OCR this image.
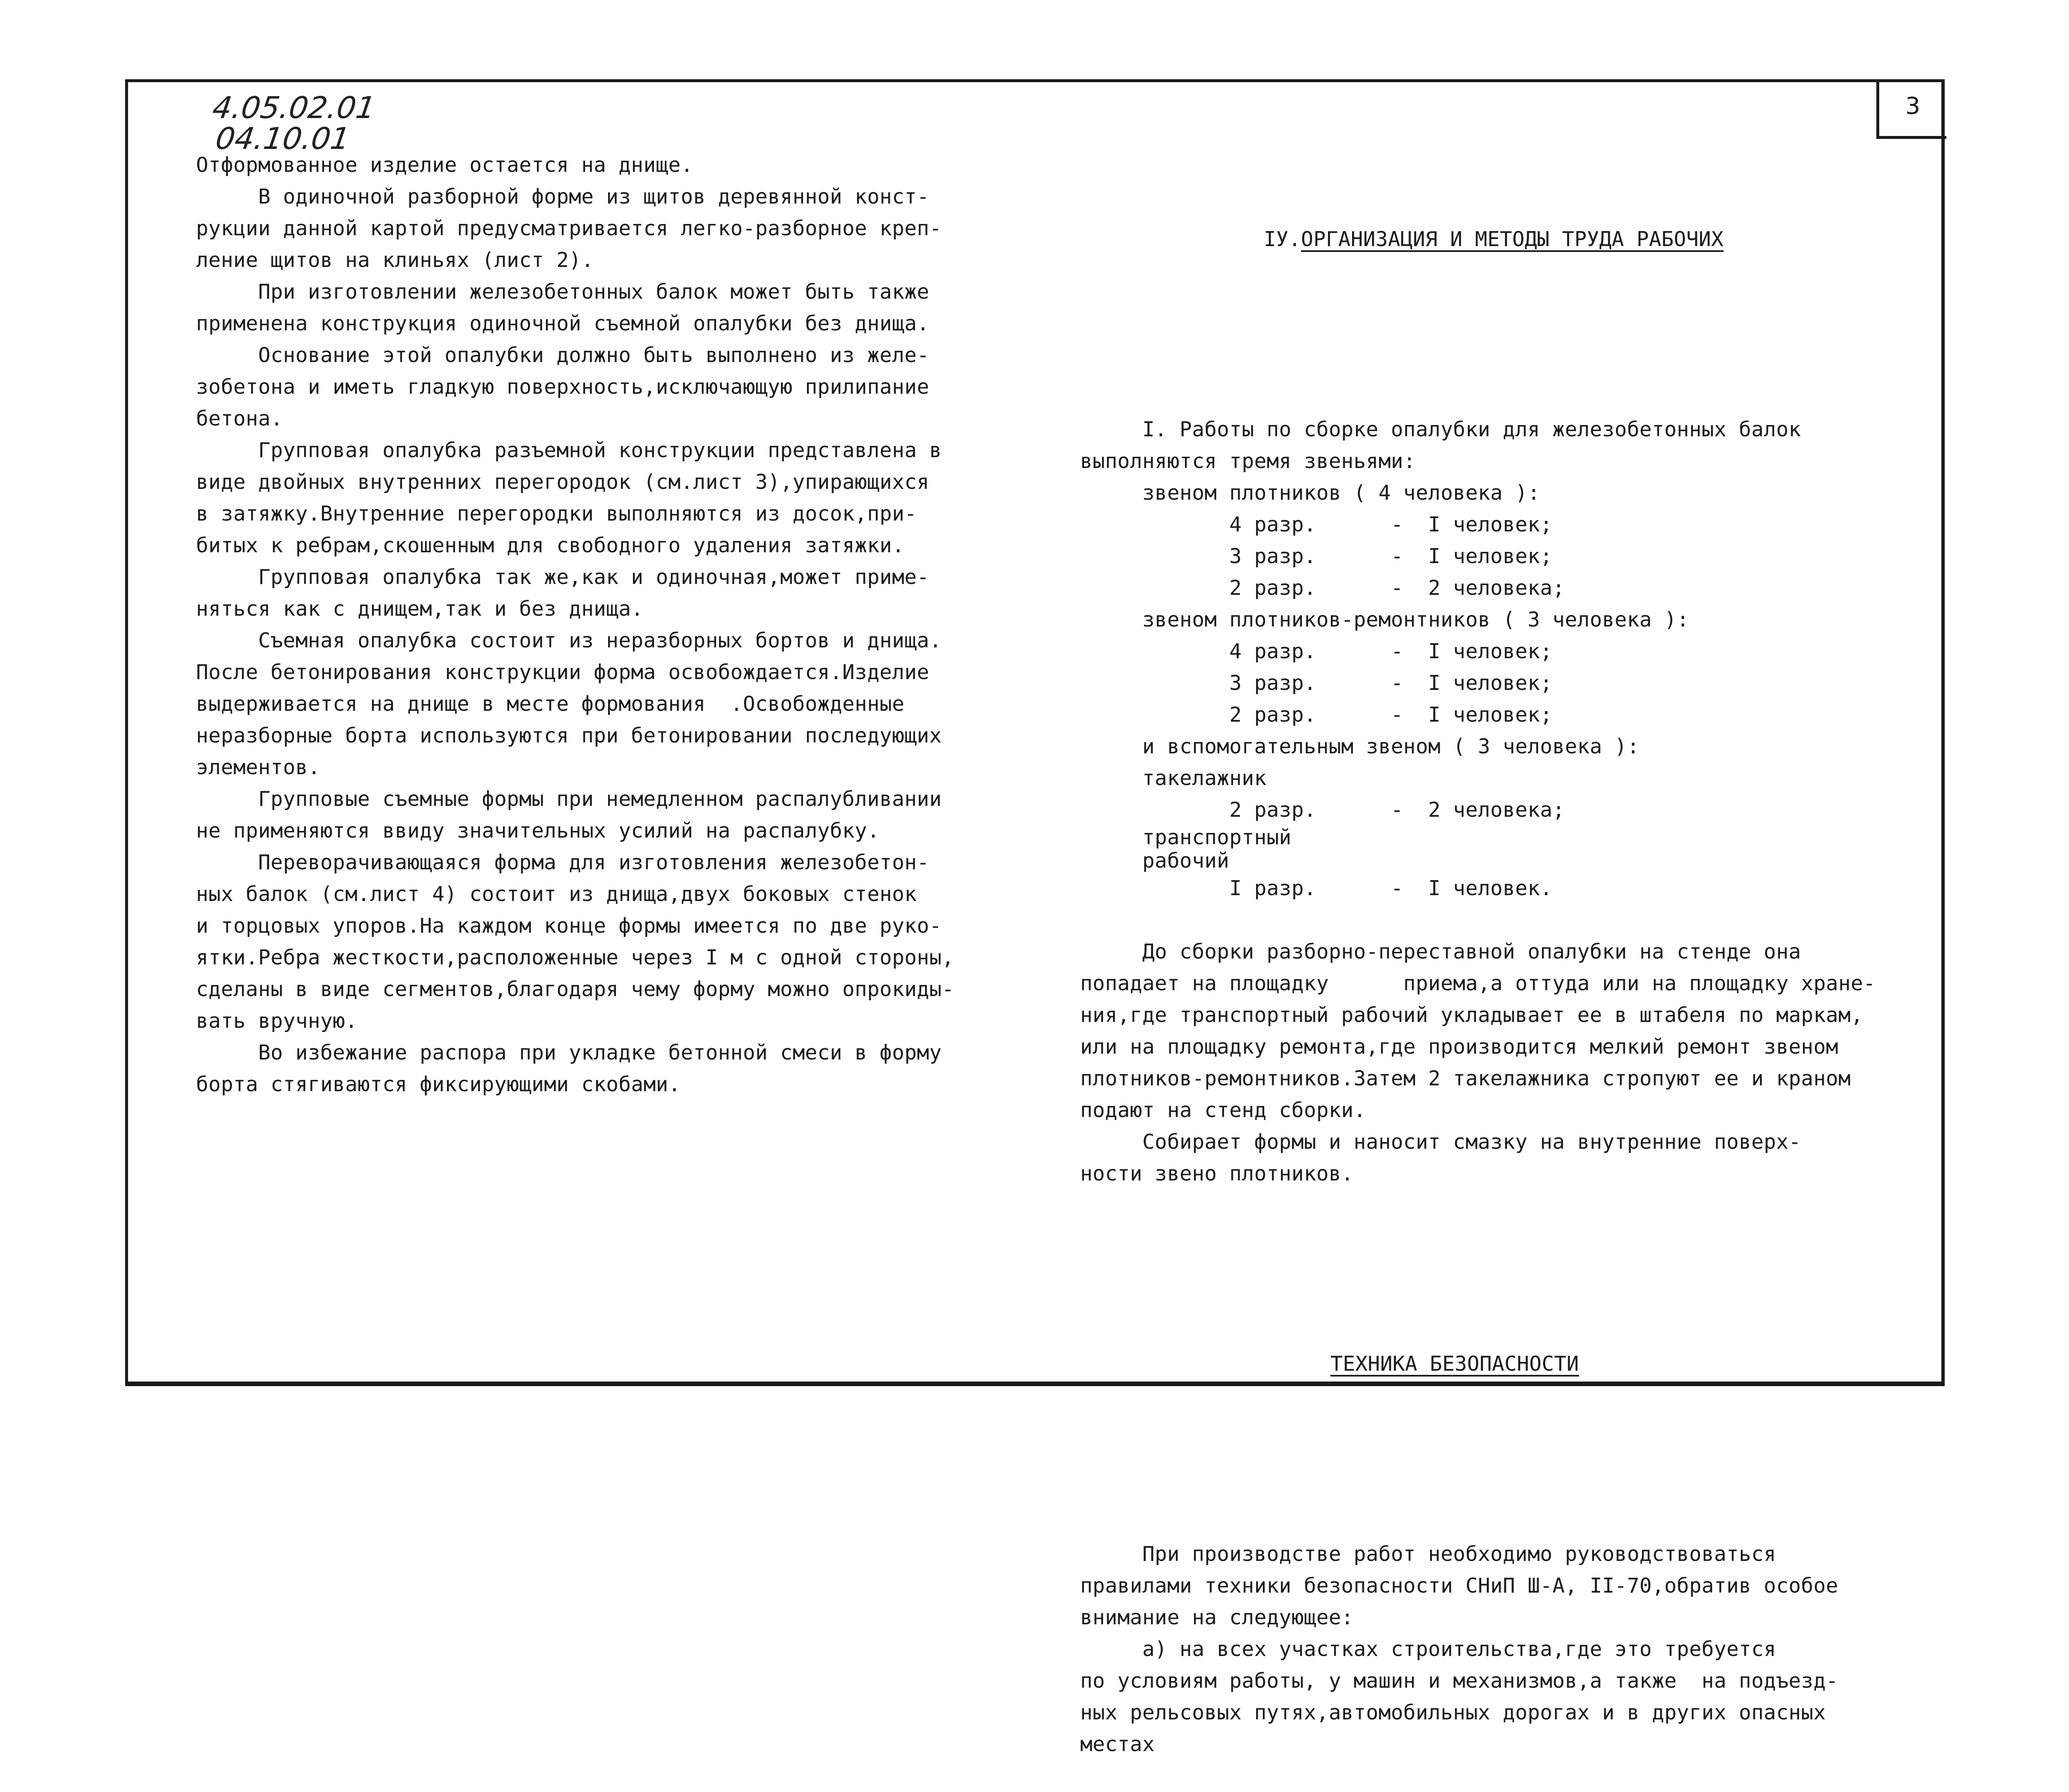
3
4.05.02.01
04.10.01
Отформованное изделие остается на днище.
В одиночной разборной форме из щитов деревянной конст-
рукции данной картой предусматривается легко-разборное креп-
ление щитов на клиньях (лист 2).
При изготовлении железобетонных балок может быть также
применена конструкция одиночной съемной опалубки без днища.
Основание этой опалубки должно быть выполнено из желе-
зобетона и иметь гладкую поверхность,исключающую прилипание
бетона.
Групповая опалубка разъемной конструкции представлена в
виде двойных внутренних перегородок (см.лист 3),упирающихся
в затяжку.Внутренние перегородки выполняются из досок,при-
битых к ребрам,скошенным для свободного удаления затяжки.
Групповая опалубка так же,как и одиночная,может приме-
няться как с днищем,так и без днища.
Съемная опалубка состоит из неразборных бортов и днища.
После бетонирования конструкции форма освобождается.Изделие
выдерживается на днище в месте формования  .Освобожденные
неразборные борта используются при бетонировании последующих
элементов.
Групповые съемные формы при немедленном распалубливании
не применяются ввиду значительных усилий на распалубку.
Переворачивающаяся форма для изготовления железобетон-
ных балок (см.лист 4) состоит из днища,двух боковых стенок
и торцовых упоров.На каждом конце формы имеется по две руко-
ятки.Ребра жесткости,расположенные через I м с одной стороны,
сделаны в виде сегментов,благодаря чему форму можно опрокиды-
вать вручную.
Во избежание распора при укладке бетонной смеси в форму
борта стягиваются фиксирующими скобами.

IУ.ОРГАНИЗАЦИЯ И МЕТОДЫ ТРУДА РАБОЧИХ

I. Работы по сборке опалубки для железобетонных балок
выполняются тремя звеньями:
звеном плотников ( 4 человека ):
4 разр.      -  I человек;
3 разр.      -  I человек;
2 разр.      -  2 человека;
звеном плотников-ремонтников ( 3 человека ):
4 разр.      -  I человек;
3 разр.      -  I человек;
2 разр.      -  I человек;
и вспомогательным звеном ( 3 человека ):
такелажник
2 разр.      -  2 человека;
транспортный
рабочий
I разр.      -  I человек.
До сборки разборно-переставной опалубки на стенде она
попадает на площадку      приема,а оттуда или на площадку хране-
ния,где транспортный рабочий укладывает ее в штабеля по маркам,
или на площадку ремонта,где производится мелкий ремонт звеном
плотников-ремонтников.Затем 2 такелажника стропуют ее и краном
подают на стенд сборки.
Собирает формы и наносит смазку на внутренние поверх-
ности звено плотников.

ТЕХНИКА БЕЗОПАСНОСТИ

При производстве работ необходимо руководствоваться
правилами техники безопасности СНиП Ш-А, II-70,обратив особое
внимание на следующее:
а) на всех участках строительства,где это требуется
по условиям работы, у машин и механизмов,а также  на подъезд-
ных рельсовых путях,автомобильных дорогах и в других опасных
местах
